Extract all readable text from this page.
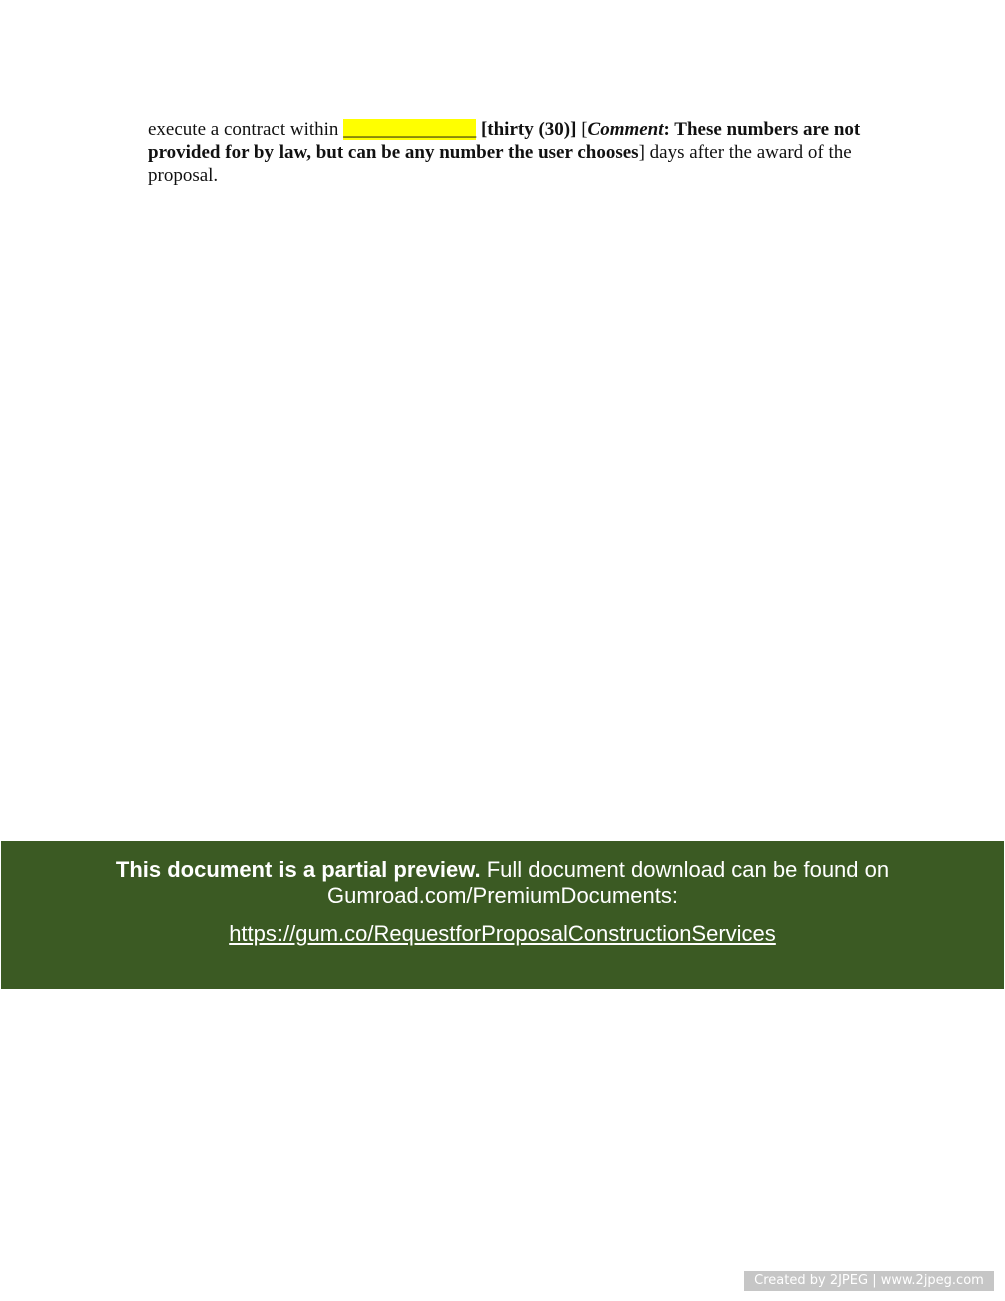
execute a contract within ______________ [thirty (30)] [Comment: These numbers are not provided for by law, but can be any number the user chooses] days after the award of the proposal.

This document is a partial preview. Full document download can be found on Gumroad.com/PremiumDocuments:
https://gum.co/RequestforProposalConstructionServices
Created by 2JPEG | www.2jpeg.com
